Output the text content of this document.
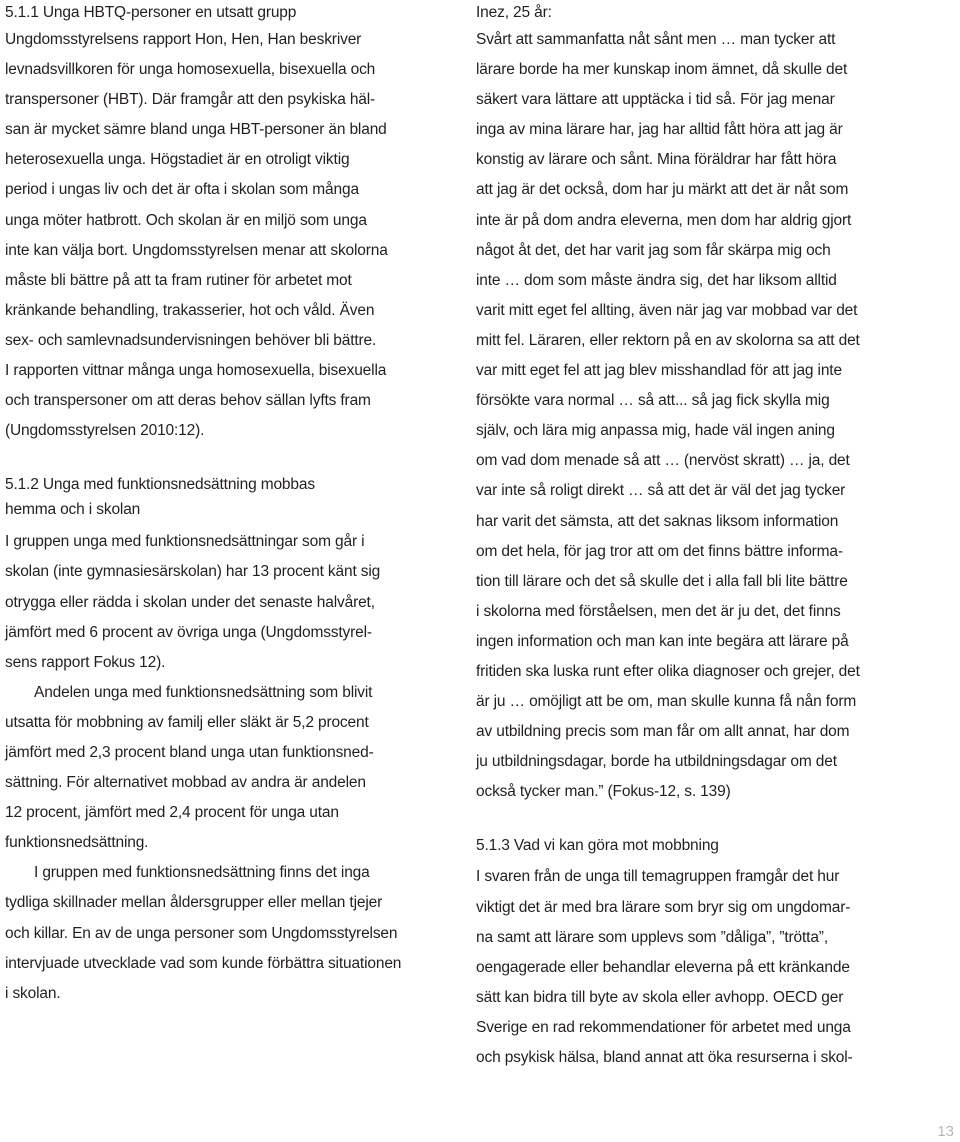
5.1.1 Unga HBTQ-personer en utsatt grupp
Ungdomsstyrelsens rapport Hon, Hen, Han beskriver
levnadsvillkoren för unga homosexuella, bisexuella och
transpersoner (HBT). Där framgår att den psykiska häl-
san är mycket sämre bland unga HBT-personer än bland
heterosexuella unga. Högstadiet är en otroligt viktig
period i ungas liv och det är ofta i skolan som många
unga möter hatbrott. Och skolan är en miljö som unga
inte kan välja bort. Ungdomsstyrelsen menar att skolorna
måste bli bättre på att ta fram rutiner för arbetet mot
kränkande behandling, trakasserier, hot och våld. Även
sex- och samlevnadsundervisningen behöver bli bättre.
I rapporten vittnar många unga homosexuella, bisexuella
och transpersoner om att deras behov sällan lyfts fram
(Ungdomsstyrelsen 2010:12).
5.1.2 Unga med funktionsnedsättning mobbas
hemma och i skolan
I gruppen unga med funktionsnedsättningar som går i
skolan (inte gymnasiesärskolan) har 13 procent känt sig
otrygga eller rädda i skolan under det senaste halvåret,
jämfört med 6 procent av övriga unga (Ungdomsstyrel-
sens rapport Fokus 12).
Andelen unga med funktionsnedsättning som blivit
utsatta för mobbning av familj eller släkt är 5,2 procent
jämfört med 2,3 procent bland unga utan funktionsned-
sättning. För alternativet mobbad av andra är andelen
12 procent, jämfört med 2,4 procent för unga utan
funktionsnedsättning.
I gruppen med funktionsnedsättning finns det inga
tydliga skillnader mellan åldersgrupper eller mellan tjejer
och killar. En av de unga personer som Ungdomsstyrelsen
intervjuade utvecklade vad som kunde förbättra situationen
i skolan.
Inez, 25 år:
Svårt att sammanfatta nåt sånt men … man tycker att
lärare borde ha mer kunskap inom ämnet, då skulle det
säkert vara lättare att upptäcka i tid så. För jag menar
inga av mina lärare har, jag har alltid fått höra att jag är
konstig av lärare och sånt. Mina föräldrar har fått höra
att jag är det också, dom har ju märkt att det är nåt som
inte är på dom andra eleverna, men dom har aldrig gjort
något åt det, det har varit jag som får skärpa mig och
inte … dom som måste ändra sig, det har liksom alltid
varit mitt eget fel allting, även när jag var mobbad var det
mitt fel. Läraren, eller rektorn på en av skolorna sa att det
var mitt eget fel att jag blev misshandlad för att jag inte
försökte vara normal … så att... så jag fick skylla mig
själv, och lära mig anpassa mig, hade väl ingen aning
om vad dom menade så att … (nervöst skratt) … ja, det
var inte så roligt direkt … så att det är väl det jag tycker
har varit det sämsta, att det saknas liksom information
om det hela, för jag tror att om det finns bättre informa-
tion till lärare och det så skulle det i alla fall bli lite bättre
i skolorna med förståelsen, men det är ju det, det finns
ingen information och man kan inte begära att lärare på
fritiden ska luska runt efter olika diagnoser och grejer, det
är ju … omöjligt att be om, man skulle kunna få nån form
av utbildning precis som man får om allt annat, har dom
ju utbildningsdagar, borde ha utbildningsdagar om det
också tycker man.” (Fokus-12, s. 139)
5.1.3 Vad vi kan göra mot mobbning
I svaren från de unga till temagruppen framgår det hur
viktigt det är med bra lärare som bryr sig om ungdomar-
na samt att lärare som upplevs som ”dåliga”, ”trötta”,
oengagerade eller behandlar eleverna på ett kränkande
sätt kan bidra till byte av skola eller avhopp. OECD ger
Sverige en rad rekommendationer för arbetet med unga
och psykisk hälsa, bland annat att öka resurserna i skol-
13
